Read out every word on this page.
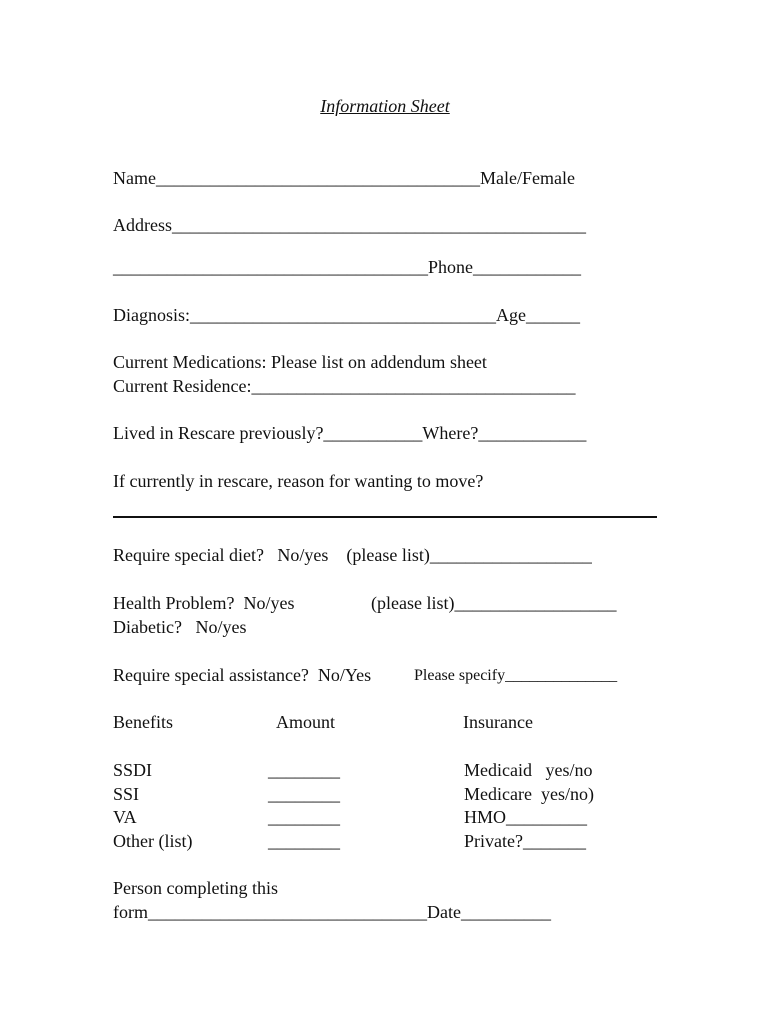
Information Sheet
Name____________________________________Male/Female
Address______________________________________________
___________________________________Phone____________
Diagnosis:__________________________________Age______
Current Medications: Please list on addendum sheet
Current Residence:____________________________________
Lived in Rescare previously?___________Where?____________
If currently in rescare, reason for wanting to move?
Require special diet?   No/yes    (please list)__________________
Health Problem?  No/yes	(please list)__________________
Diabetic?   No/yes
Require special assistance?  No/Yes	Please specify______________
Benefits	Amount	Insurance
SSDI	________	Medicaid   yes/no
SSI	________	Medicare  yes/no)
VA	________	HMO_________
Other (list)	________	Private?_______
Person completing this
form_______________________________Date__________
